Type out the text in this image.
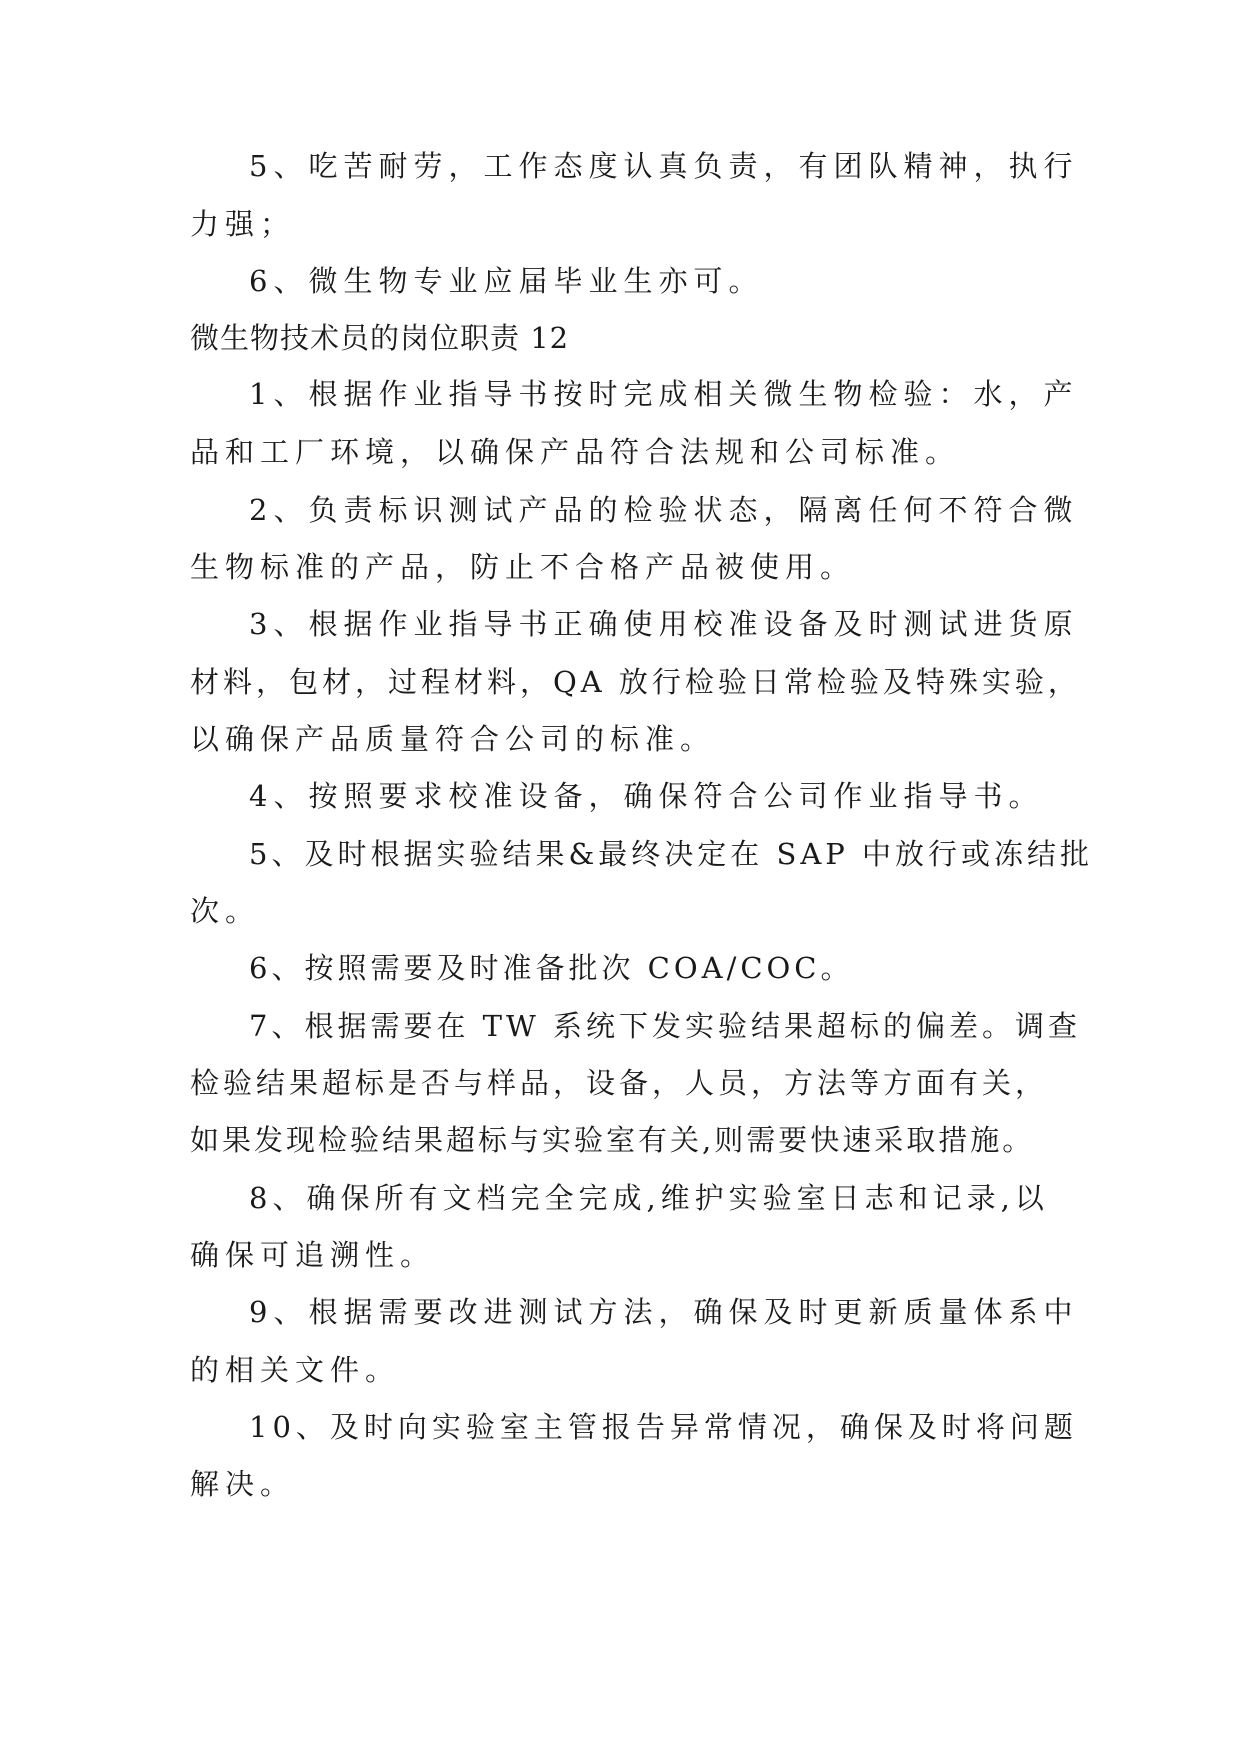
5、吃苦耐劳，工作态度认真负责，有团队精神，执行
力强；
6、微生物专业应届毕业生亦可。
微生物技术员的岗位职责 12
1、根据作业指导书按时完成相关微生物检验：水，产
品和工厂环境，以确保产品符合法规和公司标准。
2、负责标识测试产品的检验状态，隔离任何不符合微
生物标准的产品，防止不合格产品被使用。
3、根据作业指导书正确使用校准设备及时测试进货原
材料，包材，过程材料，QA 放行检验日常检验及特殊实验，
以确保产品质量符合公司的标准。
4、按照要求校准设备，确保符合公司作业指导书。
5、及时根据实验结果&最终决定在 SAP 中放行或冻结批
次。
6、按照需要及时准备批次 COA/COC。
7、根据需要在 TW 系统下发实验结果超标的偏差。调查
检验结果超标是否与样品，设备，人员，方法等方面有关，
如果发现检验结果超标与实验室有关,则需要快速采取措施。
8、确保所有文档完全完成,维护实验室日志和记录,以
确保可追溯性。
9、根据需要改进测试方法，确保及时更新质量体系中
的相关文件。
10、及时向实验室主管报告异常情况，确保及时将问题
解决。
